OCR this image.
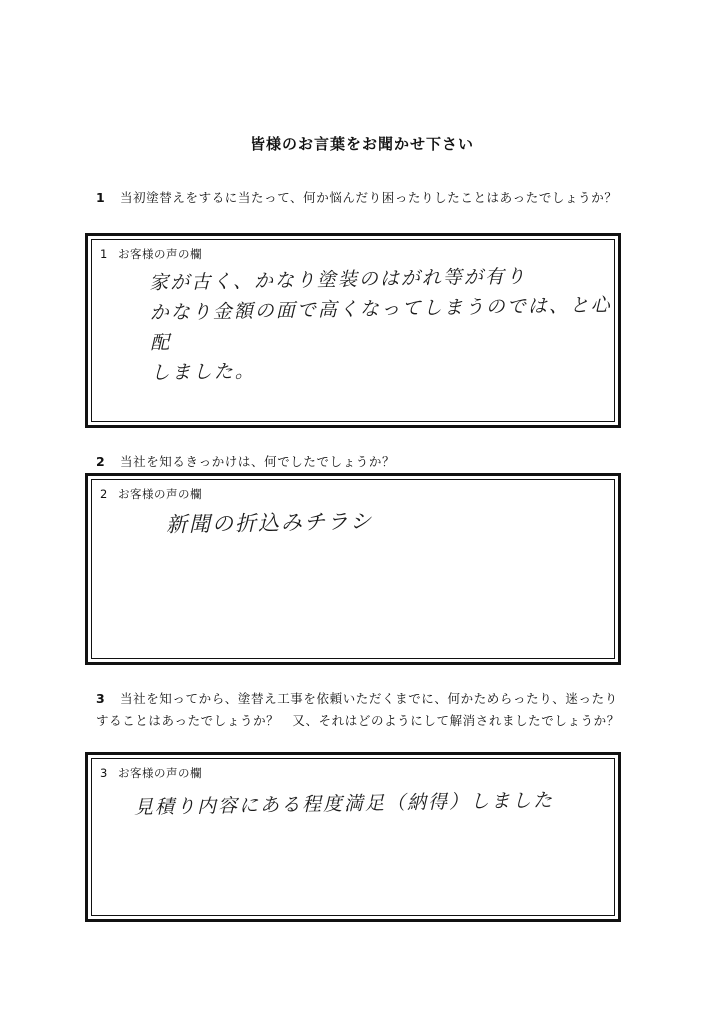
皆様のお言葉をお聞かせ下さい
1 当初塗替えをするに当たって、何か悩んだり困ったりしたことはあったでしょうか？
1 お客様の声の欄
家が古く、かなり塗装のはがれ等が有り
かなり金額の面で高くなってしまうのでは、と心配
しました。
2 当社を知るきっかけは、何でしたでしょうか？
2 お客様の声の欄
新聞の折込みチラシ
3 当社を知ってから、塗替え工事を依頼いただくまでに、何かためらったり、迷ったりすることはあったでしょうか？　又、それはどのようにして解消されましたでしょうか？
3 お客様の声の欄
見積り内容にある程度満足（納得）しました
